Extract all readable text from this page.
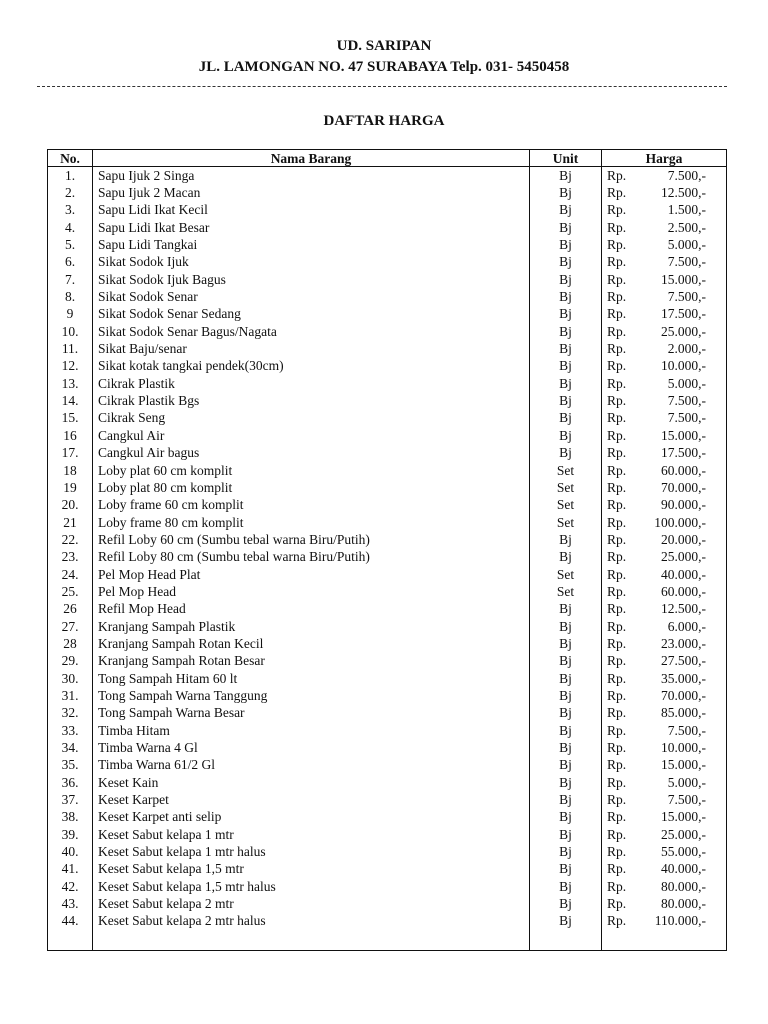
UD. SARIPAN
JL. LAMONGAN NO. 47 SURABAYA Telp. 031- 5450458
DAFTAR HARGA
No.	Nama Barang	Unit	Harga
1.	Sapu Ijuk 2 Singa	Bj	Rp. 7.500,-
2.	Sapu Ijuk 2 Macan	Bj	Rp. 12.500,-
3.	Sapu Lidi Ikat Kecil	Bj	Rp. 1.500,-
4.	Sapu Lidi Ikat Besar	Bj	Rp. 2.500,-
5.	Sapu Lidi Tangkai	Bj	Rp. 5.000,-
6.	Sikat Sodok Ijuk	Bj	Rp. 7.500,-
7.	Sikat Sodok Ijuk Bagus	Bj	Rp. 15.000,-
8.	Sikat Sodok Senar	Bj	Rp. 7.500,-
9	Sikat Sodok Senar Sedang	Bj	Rp. 17.500,-
10.	Sikat Sodok Senar Bagus/Nagata	Bj	Rp. 25.000,-
11.	Sikat Baju/senar	Bj	Rp. 2.000,-
12.	Sikat kotak tangkai pendek(30cm)	Bj	Rp. 10.000,-
13.	Cikrak Plastik	Bj	Rp. 5.000,-
14.	Cikrak Plastik Bgs	Bj	Rp. 7.500,-
15.	Cikrak Seng	Bj	Rp. 7.500,-
16	Cangkul Air	Bj	Rp. 15.000,-
17.	Cangkul Air bagus	Bj	Rp. 17.500,-
18	Loby plat 60 cm komplit	Set	Rp. 60.000,-
19	Loby plat 80 cm komplit	Set	Rp. 70.000,-
20.	Loby frame 60 cm komplit	Set	Rp. 90.000,-
21	Loby frame 80 cm komplit	Set	Rp. 100.000,-
22.	Refil Loby 60 cm (Sumbu tebal warna Biru/Putih)	Bj	Rp. 20.000,-
23.	Refil Loby 80 cm (Sumbu tebal warna Biru/Putih)	Bj	Rp. 25.000,-
24.	Pel Mop Head Plat	Set	Rp. 40.000,-
25.	Pel Mop Head	Set	Rp. 60.000,-
26	Refil Mop Head	Bj	Rp. 12.500,-
27.	Kranjang Sampah Plastik	Bj	Rp. 6.000,-
28	Kranjang Sampah Rotan Kecil	Bj	Rp. 23.000,-
29.	Kranjang Sampah Rotan Besar	Bj	Rp. 27.500,-
30.	Tong Sampah Hitam 60 lt	Bj	Rp. 35.000,-
31.	Tong Sampah Warna Tanggung	Bj	Rp. 70.000,-
32.	Tong Sampah Warna Besar	Bj	Rp. 85.000,-
33.	Timba Hitam	Bj	Rp. 7.500,-
34.	Timba Warna 4 Gl	Bj	Rp. 10.000,-
35.	Timba Warna 61/2 Gl	Bj	Rp. 15.000,-
36.	Keset Kain	Bj	Rp. 5.000,-
37.	Keset Karpet	Bj	Rp. 7.500,-
38.	Keset Karpet anti selip	Bj	Rp. 15.000,-
39.	Keset Sabut kelapa 1 mtr	Bj	Rp. 25.000,-
40.	Keset Sabut kelapa 1 mtr halus	Bj	Rp. 55.000,-
41.	Keset Sabut kelapa 1,5 mtr	Bj	Rp. 40.000,-
42.	Keset Sabut kelapa 1,5 mtr halus	Bj	Rp. 80.000,-
43.	Keset Sabut kelapa 2 mtr	Bj	Rp. 80.000,-
44.	Keset Sabut kelapa 2 mtr halus	Bj	Rp. 110.000,-
